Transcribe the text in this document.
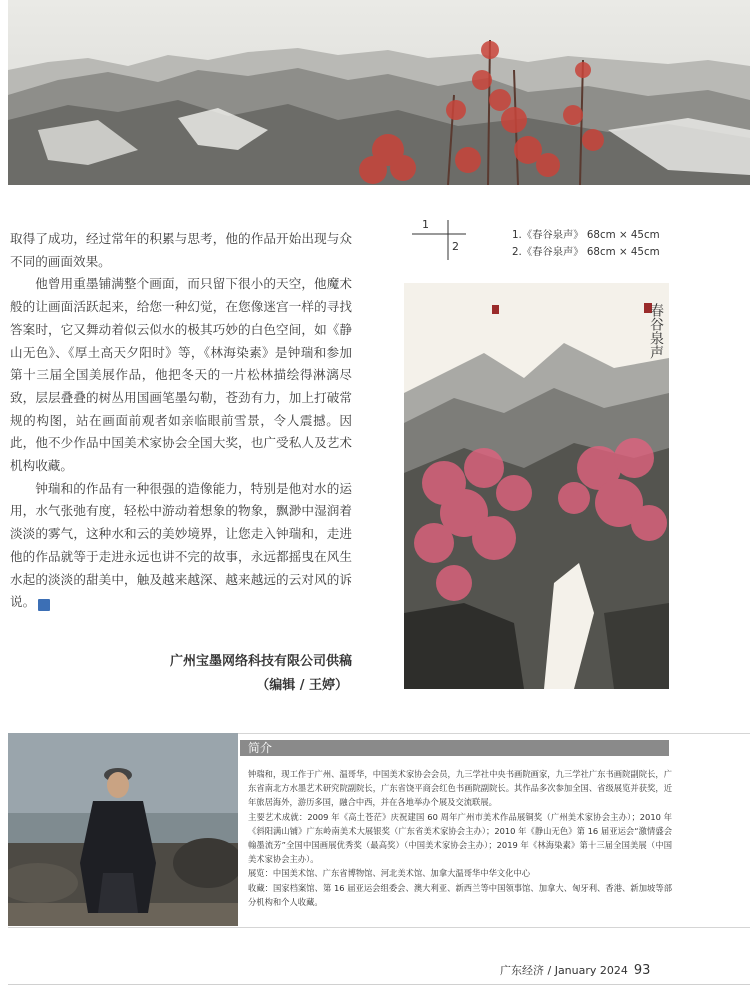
取得了成功，经过常年的积累与思考，他的作品开始出现与众不同的画面效果。

他曾用重墨铺满整个画面，而只留下很小的天空，他魔术般的让画面活跃起来，给您一种幻觉，在您像迷宫一样的寻找答案时，它又舞动着似云似水的极其巧妙的白色空间，如《静山无色》、《厚土高天夕阳时》等，《林海染素》是钟瑞和参加第十三届全国美展作品，他把冬天的一片松林描绘得淋漓尽致，层层叠叠的树丛用国画笔墨勾勒，苍劲有力，加上打破常规的构图，站在画面前观者如亲临眼前雪景，令人震撼。因此，他不少作品中国美术家协会全国大奖，也广受私人及艺术机构收藏。

钟瑞和的作品有一种很强的造像能力，特别是他对水的运用，水气张弛有度，轻松中游动着想象的物象，飘渺中湿润着淡淡的雾气，这种水和云的美妙境界，让您走入钟瑞和，走进他的作品就等于走进永远也讲不完的故事，永远都摇曳在风生水起的淡淡的甜美中，触及越来越深、越来越远的云对风的诉说。	G

广州宝墨网络科技有限公司供稿
（编辑 / 王婷）
1
2
1.《春谷泉声》 68cm × 45cm
2.《春谷泉声》 68cm × 45cm
春谷泉声
简介

钟瑞和，现工作于广州、温哥华，中国美术家协会会员，九三学社中央书画院画家，九三学社广东书画院副院长，广东省南北方水墨艺术研究院副院长，广东省饶平商会红色书画院副院长。其作品多次参加全国、省级展览并获奖，近年旅居海外，游历多国，融合中西，并在各地举办个展及交流联展。

主要艺术成就：2009 年《高土苍茫》庆祝建国 60 周年广州市美术作品展铜奖（广州美术家协会主办）；2010 年《斜阳满山铺》广东岭南美术大展银奖（广东省美术家协会主办）；2010 年《静山无色》第 16 届亚运会“激情盛会翰墨流芳”全国中国画展优秀奖（最高奖）（中国美术家协会主办）；2019 年《林海染素》第十三届全国美展（中国美术家协会主办）。

展览：中国美术馆、广东省博物馆、河北美术馆、加拿大温哥华中华文化中心

收藏：国家档案馆、第 16 届亚运会组委会、澳大利亚、新西兰等中国领事馆、加拿大、匈牙利、香港、新加坡等部分机构和个人收藏。

广东经济 / January 2024 93
